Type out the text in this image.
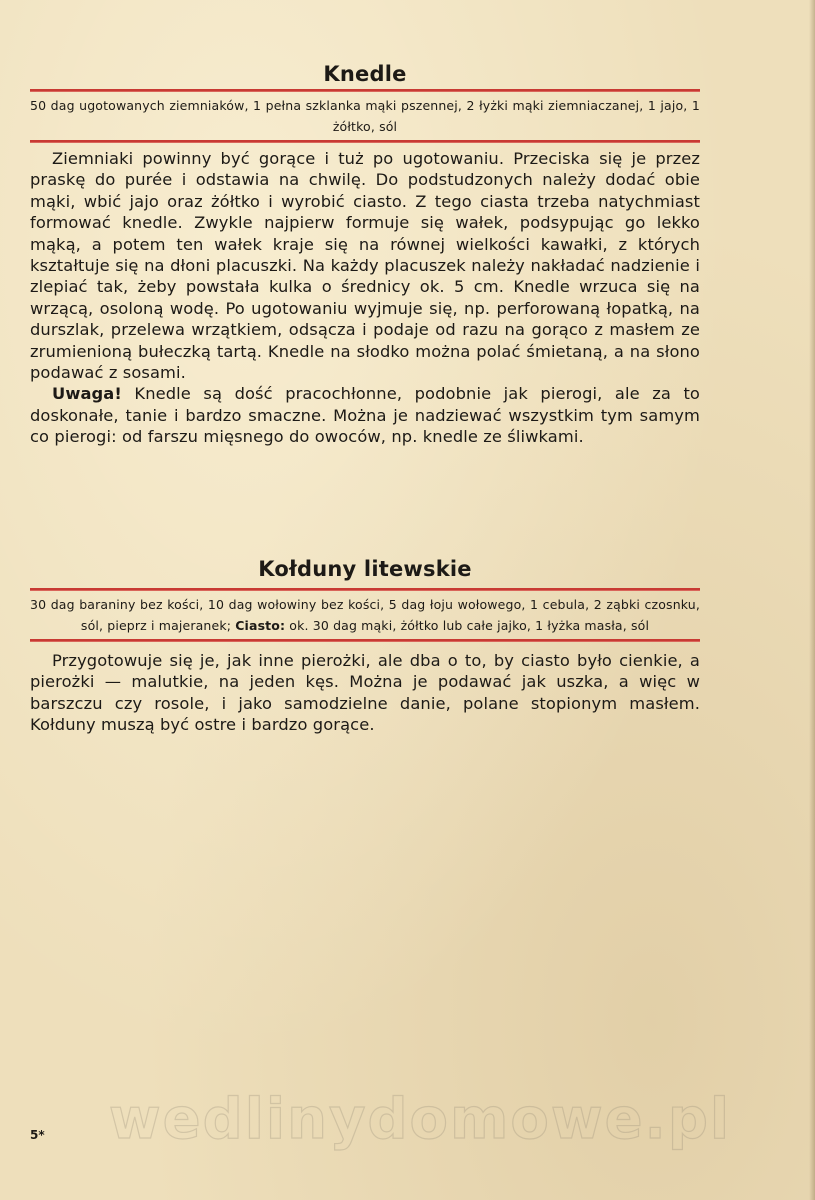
Knedle
50 dag ugotowanych ziemniaków, 1 pełna szklanka mąki pszennej, 2 łyżki mąki ziemniaczanej, 1 jajo, 1 żółtko, sól

Ziemniaki powinny być gorące i tuż po ugotowaniu. Przeciska się je przez praskę do purée i odstawia na chwilę. Do podstudzonych należy dodać obie mąki, wbić jajo oraz żółtko i wyrobić ciasto. Z tego ciasta trzeba natychmiast formować knedle. Zwykle najpierw formuje się wałek, podsypując go lekko mąką, a potem ten wałek kraje się na równej wielkości kawałki, z których kształtuje się na dłoni placuszki. Na każdy placuszek należy nakładać nadzienie i zlepiać tak, żeby powstała kulka o średnicy ok. 5 cm. Knedle wrzuca się na wrzącą, osoloną wodę. Po ugotowaniu wyjmuje się, np. perforowaną łopatką, na durszlak, przelewa wrzątkiem, odsącza i podaje od razu na gorąco z masłem ze zrumienioną bułeczką tartą. Knedle na słodko można polać śmietaną, a na słono podawać z sosami.

Uwaga! Knedle są dość pracochłonne, podobnie jak pierogi, ale za to doskonałe, tanie i bardzo smaczne. Można je nadziewać wszystkim tym samym co pierogi: od farszu mięsnego do owoców, np. knedle ze śliwkami.

Kołduny litewskie
30 dag baraniny bez kości, 10 dag wołowiny bez kości, 5 dag łoju wołowego, 1 cebula, 2 ząbki czosnku, sól, pieprz i majeranek; Ciasto: ok. 30 dag mąki, żółtko lub całe jajko, 1 łyżka masła, sól

Przygotowuje się je, jak inne pierożki, ale dba o to, by ciasto było cienkie, a pierożki — malutkie, na jeden kęs. Można je podawać jak uszka, a więc w barszczu czy rosole, i jako samodzielne danie, polane stopionym masłem. Kołduny muszą być ostre i bardzo gorące.

5* wedlinydomowe.pl
